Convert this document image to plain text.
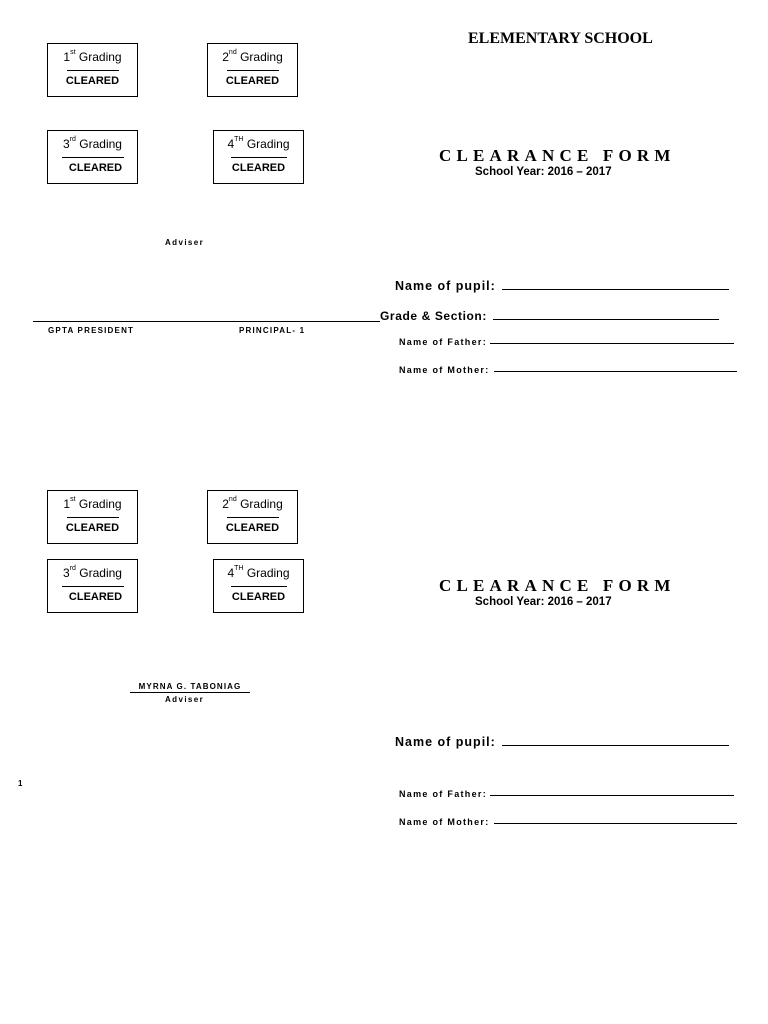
ELEMENTARY SCHOOL
1st Grading
CLEARED
2nd Grading
CLEARED
3rd Grading
CLEARED
4TH Grading
CLEARED
CLEARANCE FORM
School Year: 2016 – 2017
Adviser
GPTA PRESIDENT	PRINCIPAL- 1
Name of pupil:
Grade & Section:
Name of Father:
Name of Mother:
1st Grading
CLEARED
2nd Grading
CLEARED
3rd Grading
CLEARED
4TH Grading
CLEARED
CLEARANCE FORM
School Year: 2016 – 2017
MYRNA G. TABONIAG
Adviser
1
Name of pupil:
Name of Father:
Name of Mother:
